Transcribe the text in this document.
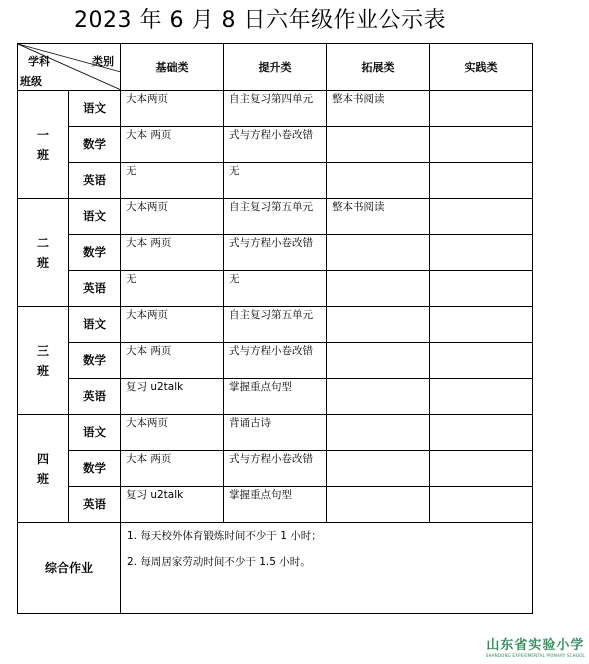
2023 年 6 月 8 日六年级作业公示表
学科 类别
班级		基础类	提升类	拓展类	实践类

一
班	语文	大本两页	自主复习第四单元	整本书阅读	
	数学	大本 两页	式与方程小卷改错		
	英语	无	无		

二
班	语文	大本两页	自主复习第五单元	整本书阅读	
	数学	大本 两页	式与方程小卷改错		
	英语	无	无		

三
班	语文	大本两页	自主复习第五单元		
	数学	大本 两页	式与方程小卷改错		
	英语	复习 u2talk	掌握重点句型		

四
班	语文	大本两页	背诵古诗		
	数学	大本 两页	式与方程小卷改错		
	英语	复习 u2talk	掌握重点句型		
综合作业		1. 每天校外体育锻炼时间不少于 1 小时；

2. 每周居家劳动时间不少于 1.5 小时。			

山东省实验小学
SHANDONG EXPERIMENTAL PRIMARY SCHOOL
